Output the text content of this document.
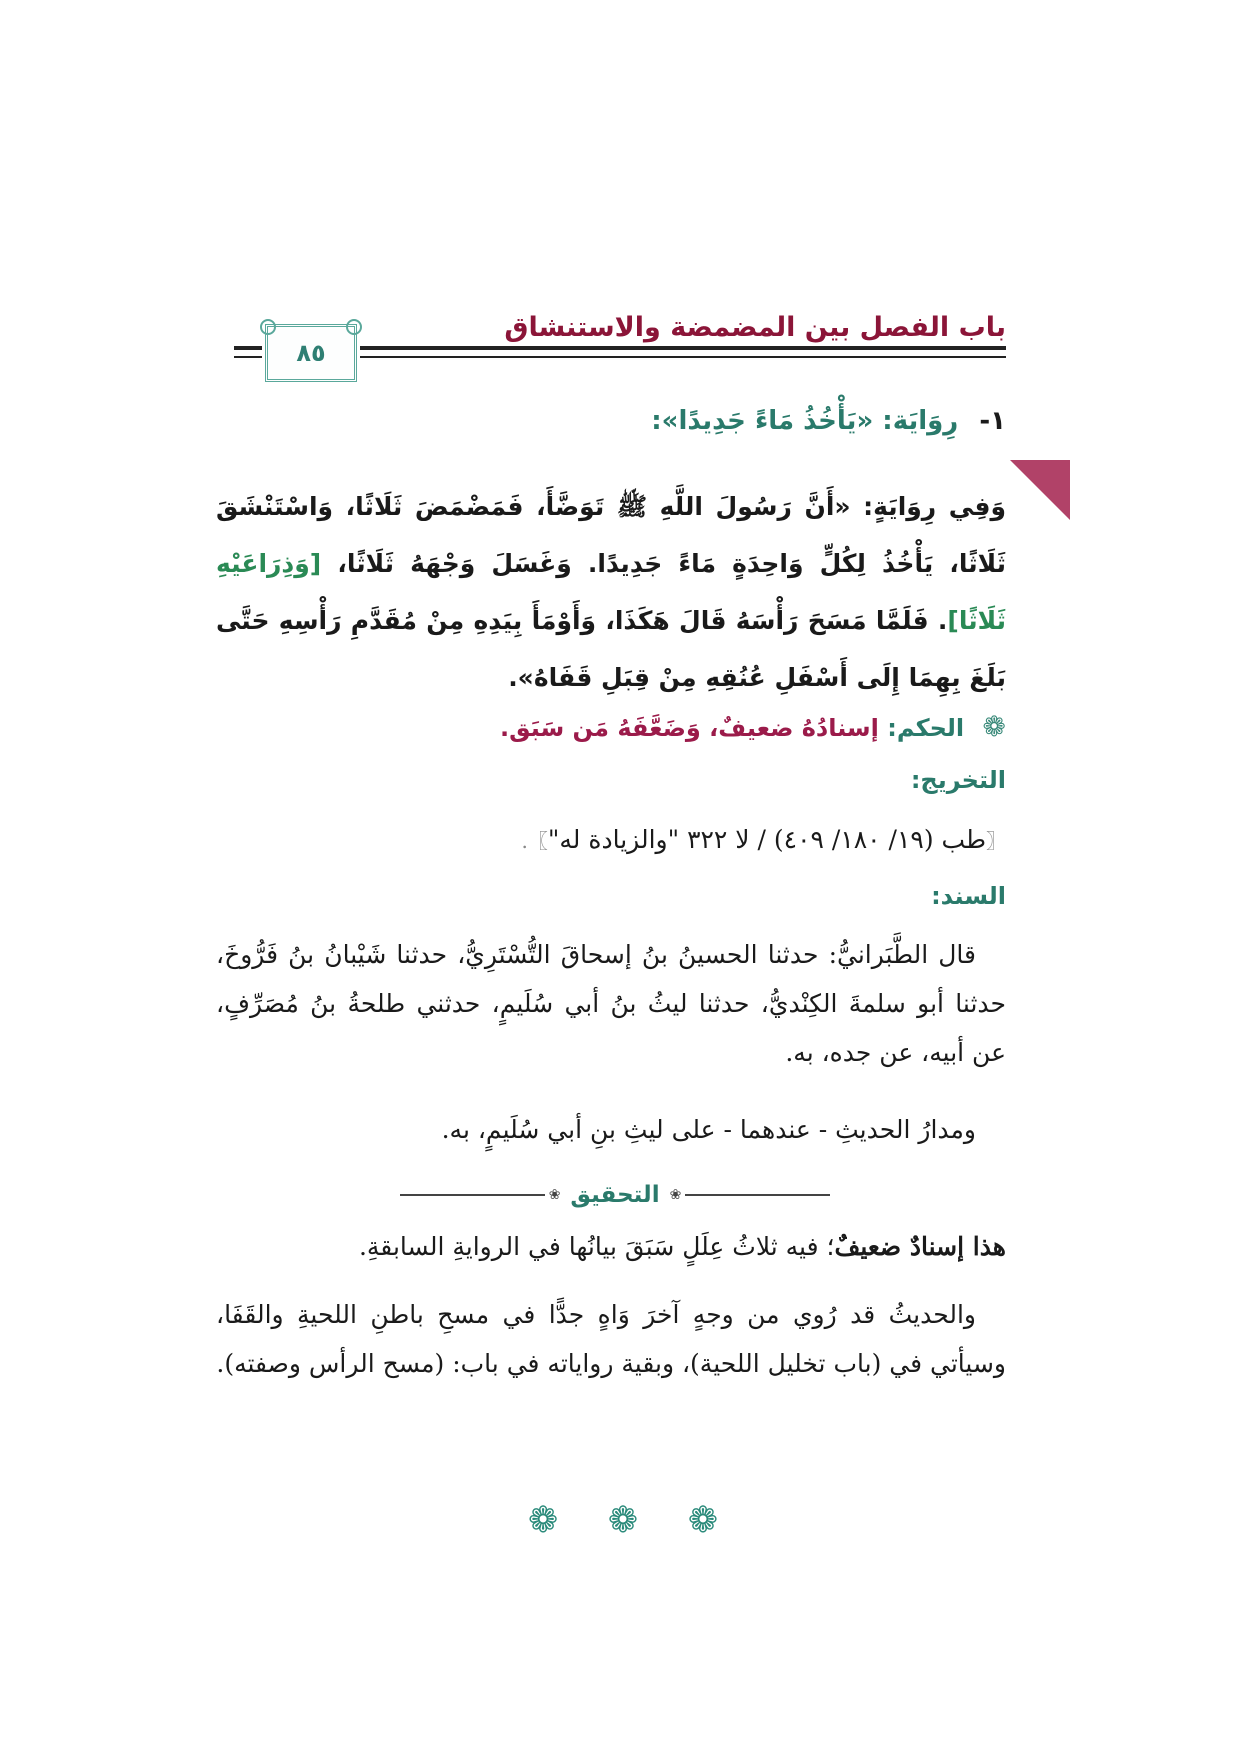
باب الفصل بين المضمضة والاستنشاق
٨٥
١- رِوَايَة: «يَأْخُذُ مَاءً جَدِيدًا»:
وَفِي رِوَايَةٍ: «أَنَّ رَسُولَ اللَّهِ ﷺ تَوَضَّأَ، فَمَضْمَضَ ثَلَاثًا، وَاسْتَنْشَقَ ثَلَاثًا، يَأْخُذُ لِكُلٍّ وَاحِدَةٍ مَاءً جَدِيدًا. وَغَسَلَ وَجْهَهُ ثَلَاثًا، [وَذِرَاعَيْهِ ثَلَاثًا]. فَلَمَّا مَسَحَ رَأْسَهُ قَالَ هَكَذَا، وَأَوْمَأَ بِيَدِهِ مِنْ مُقَدَّمِ رَأْسِهِ حَتَّى بَلَغَ بِهِمَا إِلَى أَسْفَلِ عُنُقِهِ مِنْ قِبَلِ قَفَاهُ».
❁ الحكم: إسنادُهُ ضعيفٌ، وَضَعَّفَهُ مَن سَبَق.
التخريج:
〖طب (١٩/ ١٨٠/ ٤٠٩) / لا ٣٢٢ "والزيادة له"〗.
السند:
قال الطَّبَرانيُّ: حدثنا الحسينُ بنُ إسحاقَ التُّسْتَرِيُّ، حدثنا شَيْبانُ بنُ فَرُّوخَ، حدثنا أبو سلمةَ الكِنْديُّ، حدثنا ليثُ بنُ أبي سُلَيمٍ، حدثني طلحةُ بنُ مُصَرِّفٍ، عن أبيه، عن جده، به.
ومدارُ الحديثِ - عندهما - على ليثِ بنِ أبي سُلَيمٍ، به.
❀ التحقيق ❀
هذا إسنادٌ ضعيفٌ؛ فيه ثلاثُ عِلَلٍ سَبَقَ بيانُها في الروايةِ السابقةِ.
والحديثُ قد رُوي من وجهٍ آخرَ وَاهٍ جدًّا في مسحِ باطنِ اللحيةِ والقَفَا، وسيأتي في (باب تخليل اللحية)، وبقية رواياته في باب: (مسح الرأس وصفته).
❁ ❁ ❁
